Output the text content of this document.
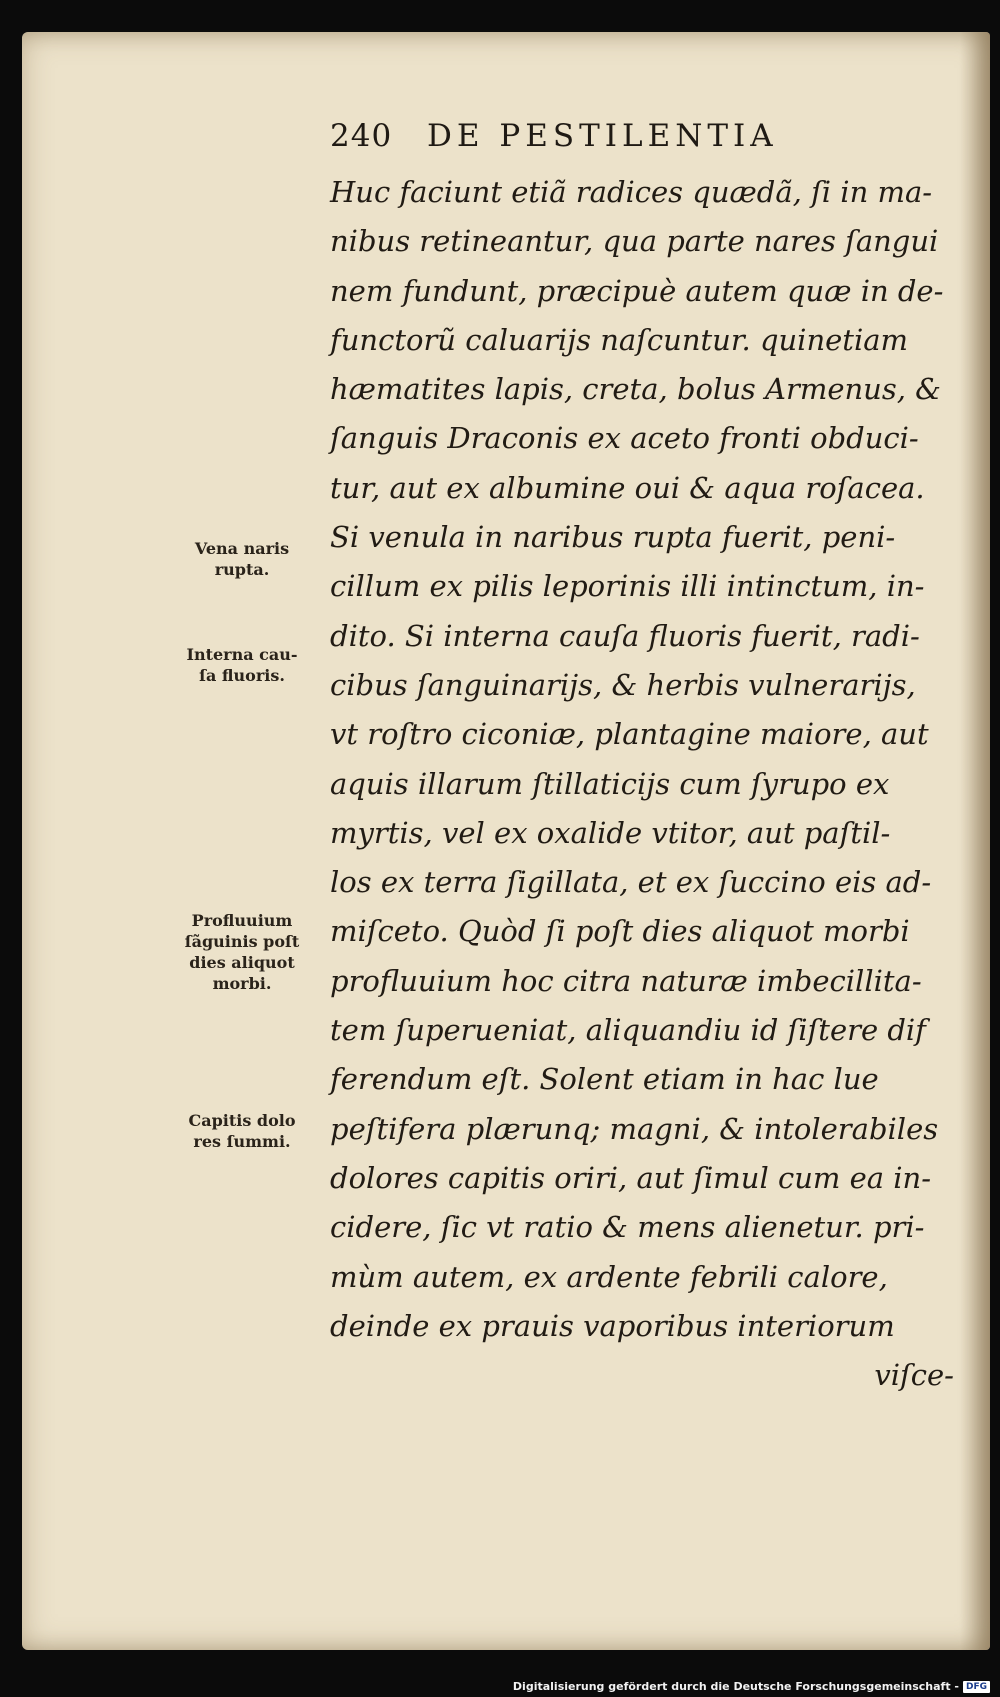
240 DE PESTILENTIA
Huc faciunt etiã radices quædã, ſi in ma-
nibus retineantur, qua parte nares ſangui
nem fundunt, præcipuè autem quæ in de-
functorũ caluarijs naſcuntur. quinetiam
hæmatites lapis, creta, bolus Armenus, &
ſanguis Draconis ex aceto fronti obduci-
tur, aut ex albumine oui & aqua roſacea.
Si venula in naribus rupta fuerit, peni-
cillum ex pilis leporinis illi intinctum, in-
dito. Si interna cauſa fluoris fuerit, radi-
cibus ſanguinarijs, & herbis vulnerarijs,
vt roſtro ciconiæ, plantagine maiore, aut
aquis illarum ſtillaticijs cum ſyrupo ex
myrtis, vel ex oxalide vtitor, aut paſtil-
los ex terra ſigillata, et ex ſuccino eis ad-
miſceto. Quòd ſi poſt dies aliquot morbi
profluuium hoc citra naturæ imbecillita-
tem ſuperueniat, aliquandiu id ſiſtere dif
ferendum eſt. Solent etiam in hac lue
peſtifera plærunq; magni, & intolerabiles
dolores capitis oriri, aut ſimul cum ea in-
cidere, ſic vt ratio & mens alienetur. pri-
mùm autem, ex ardente febrili calore,
deinde ex prauis vaporibus interiorum
viſce-
Vena naris
rupta.
Interna cau-
ſa fluoris.
Profluuium
ſãguinis poſt
dies aliquot
morbi.
Capitis dolo
res ſummi.
Digitalisierung gefördert durch die Deutsche Forschungsgemeinschaft - DFG
